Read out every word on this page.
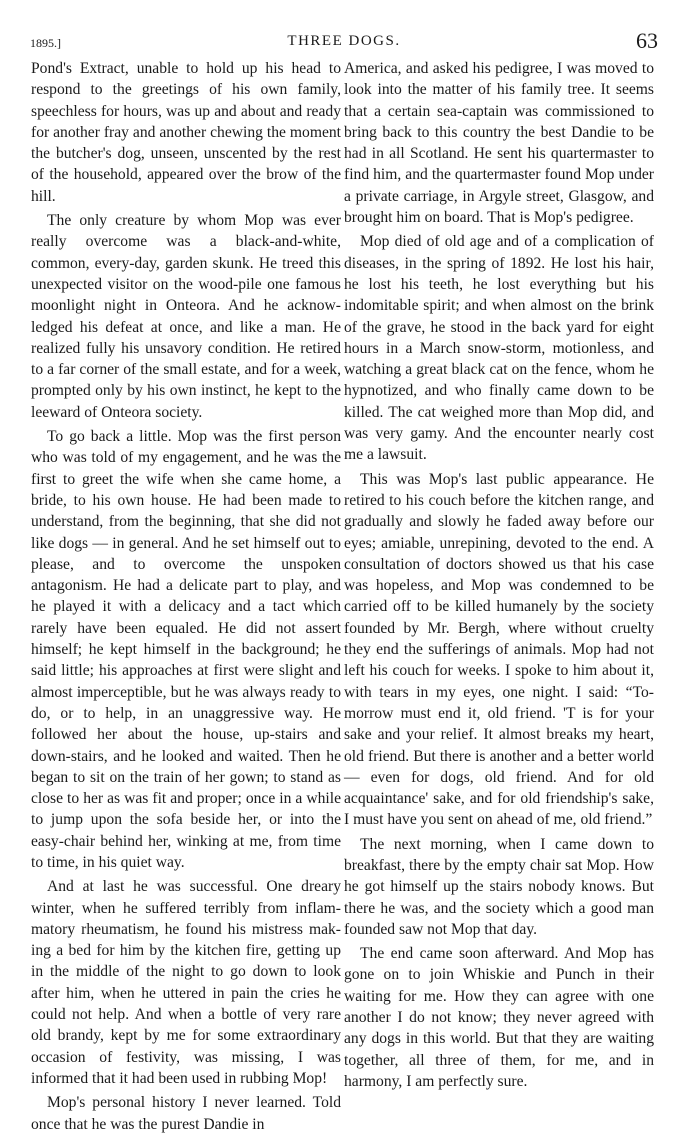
1895.]	THREE DOGS.	63

Pond's Extract, unable to hold up his head to respond to the greetings of his own family, speechless for hours, was up and about and ready for another fray and another chewing the moment the butcher's dog, unseen, unscented by the rest of the household, appeared over the brow of the hill.

The only creature by whom Mop was ever really overcome was a black-and-white, common, every-day, garden skunk. He treed this unexpected visitor on the wood-pile one famous moonlight night in Onteora. And he acknowledged his defeat at once, and like a man. He realized fully his unsavory condition. He retired to a far corner of the small estate, and for a week, prompted only by his own instinct, he kept to the leeward of Onteora society.

To go back a little. Mop was the first person who was told of my engagement, and he was the first to greet the wife when she came home, a bride, to his own house. He had been made to understand, from the beginning, that she did not like dogs — in general. And he set himself out to please, and to overcome the unspoken antagonism. He had a delicate part to play, and he played it with a delicacy and a tact which rarely have been equaled. He did not assert himself; he kept himself in the background; he said little; his approaches at first were slight and almost imperceptible, but he was always ready to do, or to help, in an unaggressive way. He followed her about the house, up-stairs and down-stairs, and he looked and waited. Then he began to sit on the train of her gown; to stand as close to her as was fit and proper; once in a while to jump upon the sofa beside her, or into the easy-chair behind her, winking at me, from time to time, in his quiet way.

And at last he was successful. One dreary winter, when he suffered terribly from inflammatory rheumatism, he found his mistress making a bed for him by the kitchen fire, getting up in the middle of the night to go down to look after him, when he uttered in pain the cries he could not help. And when a bottle of very rare old brandy, kept by me for some extraordinary occasion of festivity, was missing, I was informed that it had been used in rubbing Mop!

Mop's personal history I never learned. Told once that he was the purest Dandie in

America, and asked his pedigree, I was moved to look into the matter of his family tree. It seems that a certain sea-captain was commissioned to bring back to this country the best Dandie to be had in all Scotland. He sent his quartermaster to find him, and the quartermaster found Mop under a private carriage, in Argyle street, Glasgow, and brought him on board. That is Mop's pedigree.

Mop died of old age and of a complication of diseases, in the spring of 1892. He lost his hair, he lost his teeth, he lost everything but his indomitable spirit; and when almost on the brink of the grave, he stood in the back yard for eight hours in a March snow-storm, motionless, and watching a great black cat on the fence, whom he hypnotized, and who finally came down to be killed. The cat weighed more than Mop did, and was very gamy. And the encounter nearly cost me a lawsuit.

This was Mop's last public appearance. He retired to his couch before the kitchen range, and gradually and slowly he faded away before our eyes; amiable, unrepining, devoted to the end. A consultation of doctors showed us that his case was hopeless, and Mop was condemned to be carried off to be killed humanely by the society founded by Mr. Bergh, where without cruelty they end the sufferings of animals. Mop had not left his couch for weeks. I spoke to him about it, with tears in my eyes, one night. I said: “To-morrow must end it, old friend. 'T is for your sake and your relief. It almost breaks my heart, old friend. But there is another and a better world — even for dogs, old friend. And for old acquaintance' sake, and for old friendship's sake, I must have you sent on ahead of me, old friend.”

The next morning, when I came down to breakfast, there by the empty chair sat Mop. How he got himself up the stairs nobody knows. But there he was, and the society which a good man founded saw not Mop that day.

The end came soon afterward. And Mop has gone on to join Whiskie and Punch in their waiting for me. How they can agree with one another I do not know; they never agreed with any dogs in this world. But that they are waiting together, all three of them, for me, and in harmony, I am perfectly sure.
